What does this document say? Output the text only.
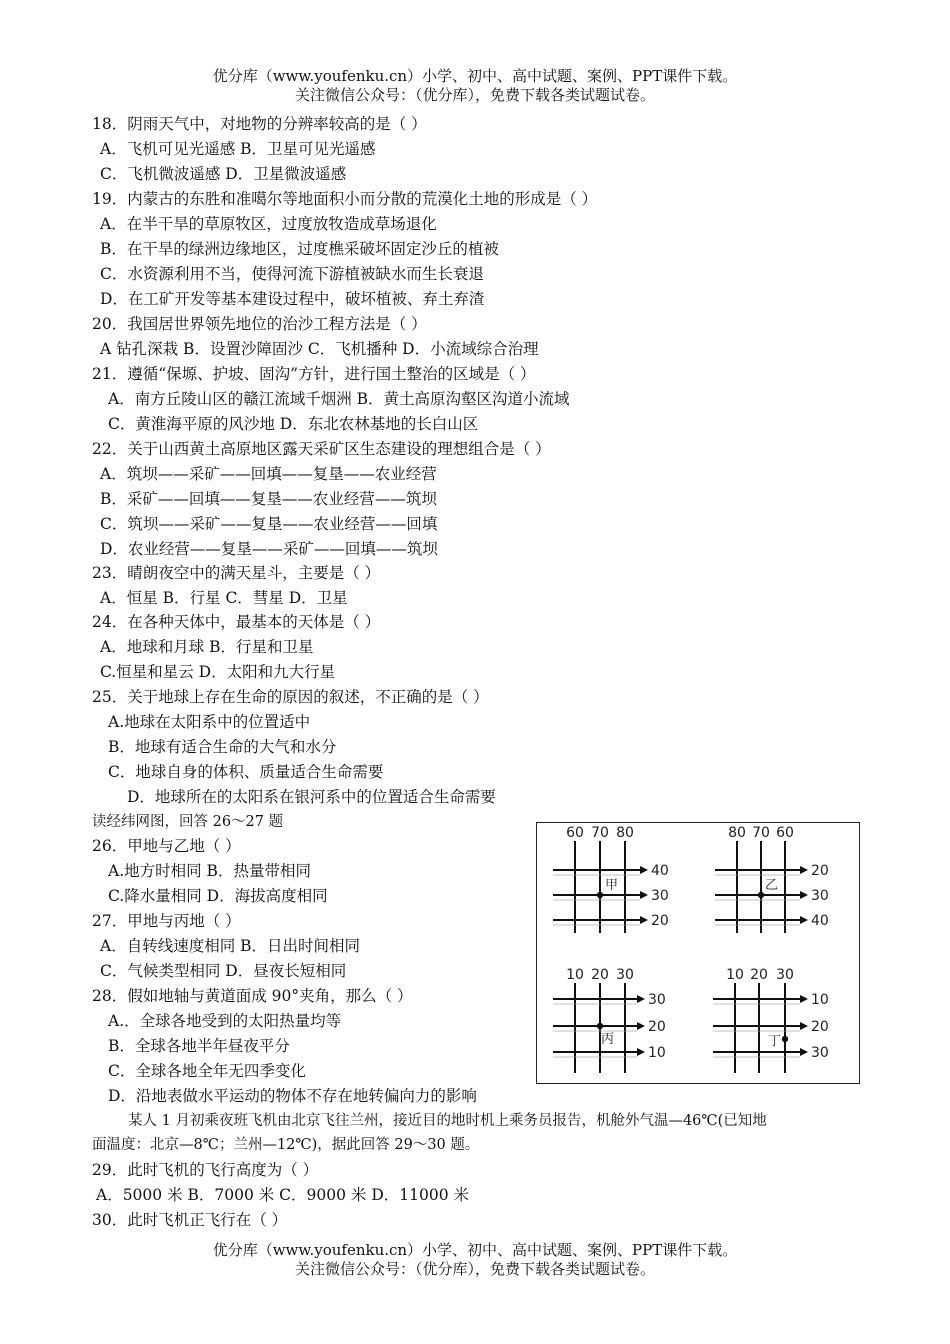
优分库（www.youfenku.cn）小学、初中、高中试题、案例、PPT课件下载。
关注微信公众号：（优分库），免费下载各类试题试卷。
18．阴雨天气中，对地物的分辨率较高的是（ ）
A．飞机可见光遥感 B．卫星可见光遥感
C．飞机微波遥感 D．卫星微波遥感
19．内蒙古的东胜和准噶尔等地面积小而分散的荒漠化土地的形成是（ ）
A．在半干旱的草原牧区，过度放牧造成草场退化
B．在干旱的绿洲边缘地区，过度樵采破坏固定沙丘的植被
C．水资源利用不当，使得河流下游植被缺水而生长衰退
D．在工矿开发等基本建设过程中，破坏植被、弃土弃渣
20．我国居世界领先地位的治沙工程方法是（ ）
A 钻孔深栽 B．设置沙障固沙 C．飞机播种 D．小流域综合治理
21．遵循“保塬、护坡、固沟”方针，进行国土整治的区域是（ ）
A．南方丘陵山区的赣江流域千烟洲 B．黄土高原沟壑区沟道小流域
C．黄淮海平原的风沙地 D．东北农林基地的长白山区
22．关于山西黄土高原地区露天采矿区生态建设的理想组合是（ ）
A．筑坝——采矿——回填——复垦——农业经营
B．采矿——回填——复垦——农业经营——筑坝
C．筑坝——采矿——复垦——农业经营——回填
D．农业经营——复垦——采矿——回填——筑坝
23．晴朗夜空中的满天星斗，主要是（ ）
A．恒星 B．行星 C．彗星 D．卫星
24．在各种天体中，最基本的天体是（ ）
A．地球和月球 B．行星和卫星
C.恒星和星云 D．太阳和九大行星
25．关于地球上存在生命的原因的叙述，不正确的是（ ）
A.地球在太阳系中的位置适中
B．地球有适合生命的大气和水分
C．地球自身的体积、质量适合生命需要
D．地球所在的太阳系在银河系中的位置适合生命需要
读经纬网图，回答 26～27 题
26．甲地与乙地（ ）
A.地方时相同 B．热量带相同
C.降水量相同 D．海拔高度相同
27．甲地与丙地（ ）
A．自转线速度相同 B．日出时间相同
C．气候类型相同 D．昼夜长短相同
28．假如地轴与黄道面成 90°夹角，那么（ ）
A.．全球各地受到的太阳热量均等
B．全球各地半年昼夜平分
C．全球各地全年无四季变化
D．沿地表做水平运动的物体不存在地转偏向力的影响
某人 1 月初乘夜班飞机由北京飞往兰州，接近目的地时机上乘务员报告，机舱外气温—46℃(已知地
面温度：北京—8℃；兰州—12℃)，据此回答 29～30 题。
29．此时飞机的飞行高度为（ ）
A．5000 米 B．7000 米 C．9000 米 D．11000 米
30．此时飞机正飞行在（ ）
优分库（www.youfenku.cn）小学、初中、高中试题、案例、PPT课件下载。
关注微信公众号：（优分库），免费下载各类试题试卷。
60 70 80
40
30
20
甲
80 70 60
20
30
40
乙
10 20 30
30
20
10
丙
10 20 30
10
20
30
丁
